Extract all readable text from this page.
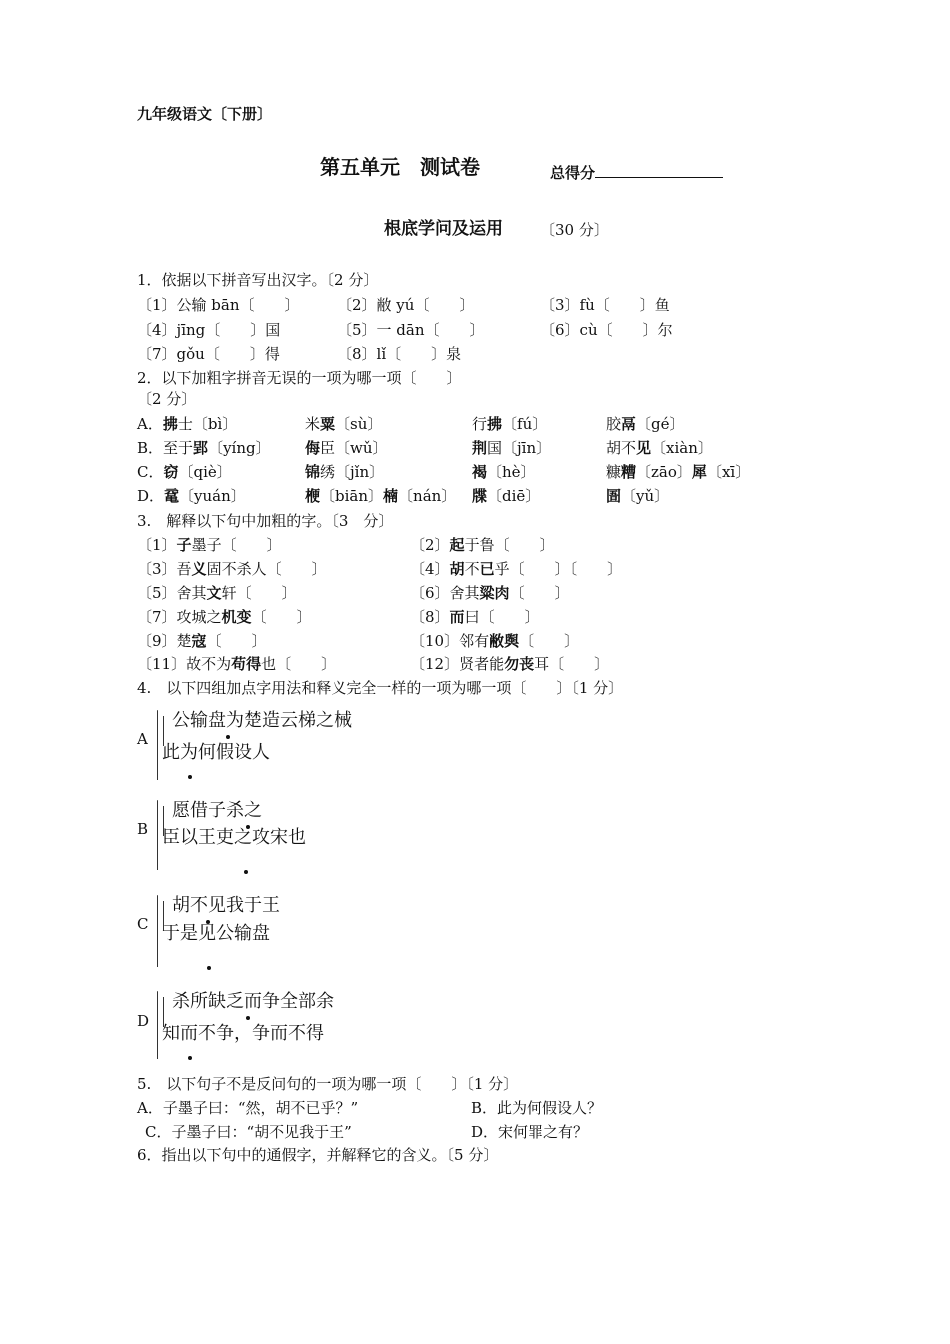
九年级语文〔下册〕
第五单元　测试卷	总得分
根底学问及运用 〔30 分〕
1．依据以下拼音写出汉字。〔2 分〕
〔1〕公输 bān〔　　〕 〔2〕敝 yú〔　　〕	〔3〕fù〔　　〕鱼
〔4〕jīng〔　　〕国	〔5〕一 dān〔　　〕	〔6〕cù〔　　〕尔
〔7〕gǒu〔　　〕得	〔8〕lǐ〔　　〕泉
2．以下加粗字拼音无误的一项为哪一项〔　　〕
〔2 分〕
A．拂士〔bì〕	米粟〔sù〕	行拂〔fú〕	胶鬲〔gé〕
B．至于郢〔yíng〕 侮臣〔wǔ〕	荆国〔jīn〕	胡不见〔xiàn〕
C．窃〔qiè〕	锦绣〔jǐn〕	褐〔hè〕	糠糟〔zāo〕犀〔xī〕
D．鼋〔yuán〕	楩〔biān〕楠〔nán〕 牒〔diē〕	圄〔yǔ〕
3.　解释以下句中加粗的字。〔3　分〕
〔1〕子墨子〔　　〕	〔2〕起于鲁〔　　〕
〔3〕吾义固不杀人〔　　〕	〔4〕胡不已乎〔　　〕〔　　〕
〔5〕舍其文轩〔　　〕	〔6〕舍其粱肉〔　　〕
〔7〕攻城之机变〔　　〕	〔8〕而曰〔　　〕
〔9〕楚寇〔　　〕	〔10〕邻有敝舆〔　　〕
〔11〕故不为苟得也〔　　〕	〔12〕贤者能勿丧耳〔　　〕
4.　以下四组加点字用法和释义完全一样的一项为哪一项〔　　〕〔1 分〕
A
公输盘为楚造云梯之械
此为何假设人
B
愿借子杀之
臣以王吏之攻宋也
C
胡不见我于王
于是见公输盘
D
杀所缺乏而争全部余
知而不争，争而不得
5.　以下句子不是反问句的一项为哪一项〔　　〕〔1 分〕
A．子墨子曰：“然，胡不已乎？”	B．此为何假设人？
C．子墨子曰：“胡不见我于王”	D．宋何罪之有？
6．指出以下句中的通假字，并解释它的含义。〔5 分〕
